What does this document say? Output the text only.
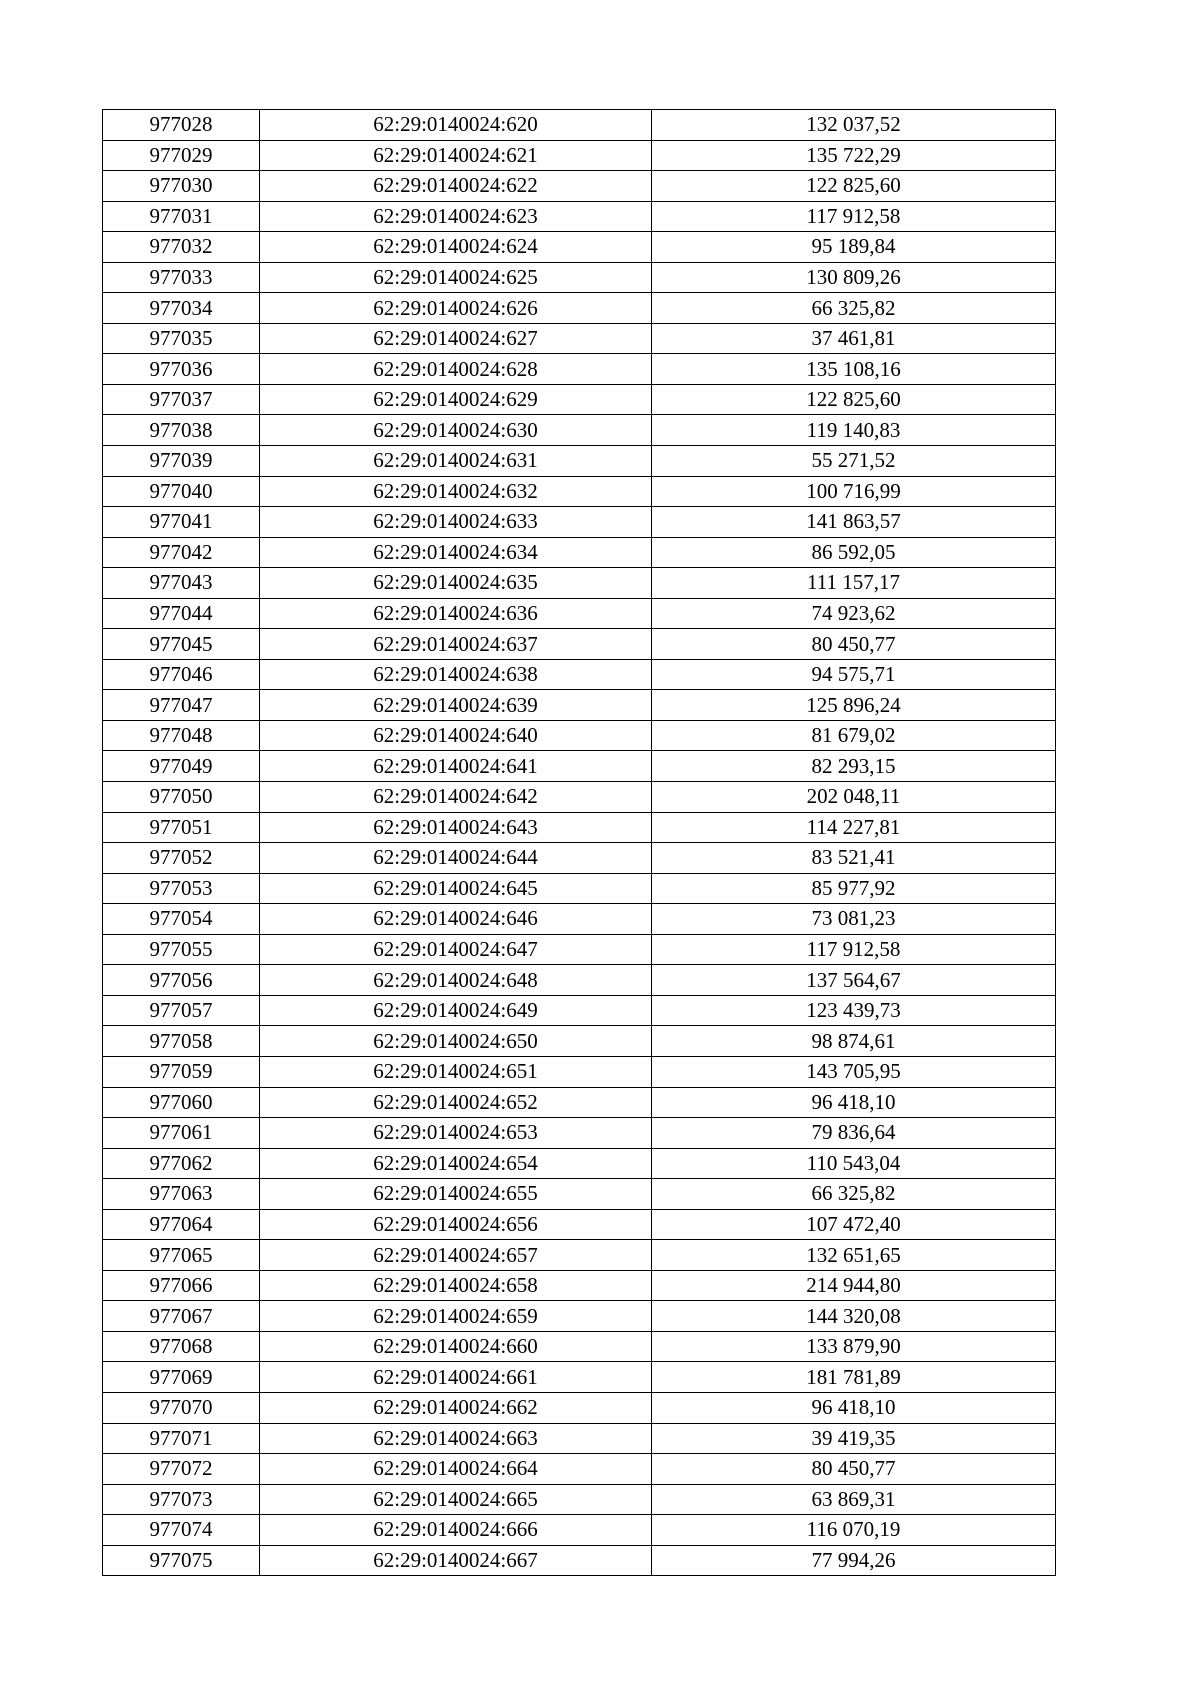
977028	62:29:0140024:620	132 037,52
977029	62:29:0140024:621	135 722,29
977030	62:29:0140024:622	122 825,60
977031	62:29:0140024:623	117 912,58
977032	62:29:0140024:624	95 189,84
977033	62:29:0140024:625	130 809,26
977034	62:29:0140024:626	66 325,82
977035	62:29:0140024:627	37 461,81
977036	62:29:0140024:628	135 108,16
977037	62:29:0140024:629	122 825,60
977038	62:29:0140024:630	119 140,83
977039	62:29:0140024:631	55 271,52
977040	62:29:0140024:632	100 716,99
977041	62:29:0140024:633	141 863,57
977042	62:29:0140024:634	86 592,05
977043	62:29:0140024:635	111 157,17
977044	62:29:0140024:636	74 923,62
977045	62:29:0140024:637	80 450,77
977046	62:29:0140024:638	94 575,71
977047	62:29:0140024:639	125 896,24
977048	62:29:0140024:640	81 679,02
977049	62:29:0140024:641	82 293,15
977050	62:29:0140024:642	202 048,11
977051	62:29:0140024:643	114 227,81
977052	62:29:0140024:644	83 521,41
977053	62:29:0140024:645	85 977,92
977054	62:29:0140024:646	73 081,23
977055	62:29:0140024:647	117 912,58
977056	62:29:0140024:648	137 564,67
977057	62:29:0140024:649	123 439,73
977058	62:29:0140024:650	98 874,61
977059	62:29:0140024:651	143 705,95
977060	62:29:0140024:652	96 418,10
977061	62:29:0140024:653	79 836,64
977062	62:29:0140024:654	110 543,04
977063	62:29:0140024:655	66 325,82
977064	62:29:0140024:656	107 472,40
977065	62:29:0140024:657	132 651,65
977066	62:29:0140024:658	214 944,80
977067	62:29:0140024:659	144 320,08
977068	62:29:0140024:660	133 879,90
977069	62:29:0140024:661	181 781,89
977070	62:29:0140024:662	96 418,10
977071	62:29:0140024:663	39 419,35
977072	62:29:0140024:664	80 450,77
977073	62:29:0140024:665	63 869,31
977074	62:29:0140024:666	116 070,19
977075	62:29:0140024:667	77 994,26
